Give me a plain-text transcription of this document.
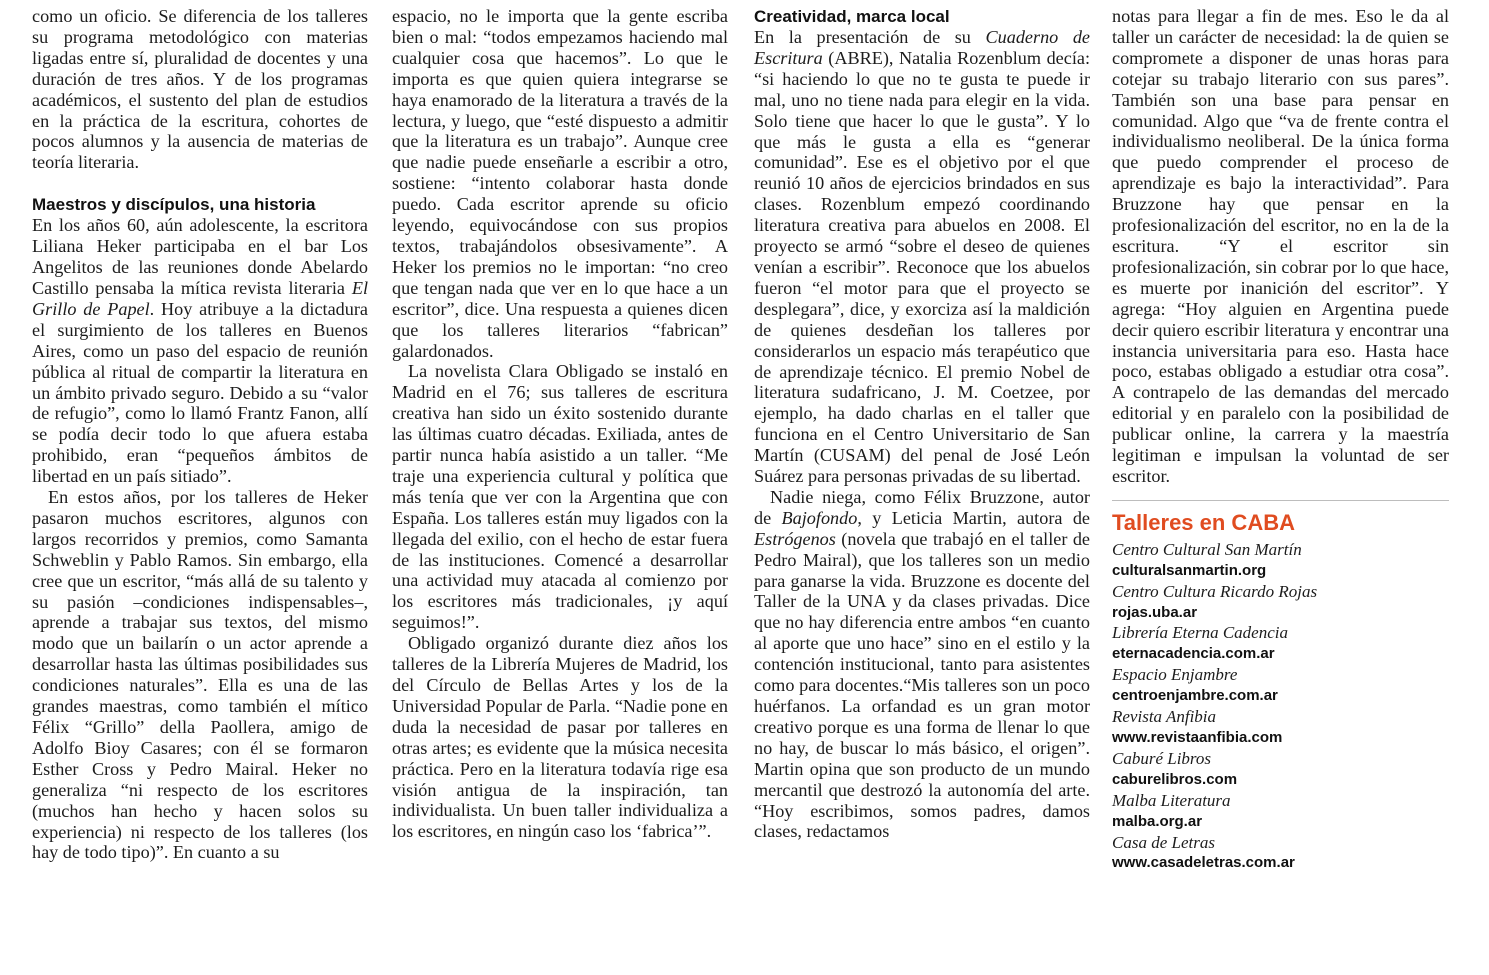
como un oficio. Se diferencia de los talleres su programa metodológico con materias ligadas entre sí, pluralidad de docentes y una duración de tres años. Y de los programas académicos, el sustento del plan de estudios en la práctica de la escritura, cohortes de pocos alumnos y la ausencia de materias de teoría literaria.

Maestros y discípulos, una historia

En los años 60, aún adolescente, la escritora Liliana Heker participaba en el bar Los Angelitos de las reuniones donde Abelardo Castillo pensaba la mítica revista literaria El Grillo de Papel. Hoy atribuye a la dictadura el surgimiento de los talleres en Buenos Aires, como un paso del espacio de reunión pública al ritual de compartir la literatura en un ámbito privado seguro. Debido a su “valor de refugio”, como lo llamó Frantz Fanon, allí se podía decir todo lo que afuera estaba prohibido, eran “pequeños ámbitos de libertad en un país sitiado”.

En estos años, por los talleres de Heker pasaron muchos escritores, algunos con largos recorridos y premios, como Samanta Schweblin y Pablo Ramos. Sin embargo, ella cree que un escritor, “más allá de su talento y su pasión –condiciones indispensables–, aprende a trabajar sus textos, del mismo modo que un bailarín o un actor aprende a desarrollar hasta las últimas posibilidades sus condiciones naturales”. Ella es una de las grandes maestras, como también el mítico Félix “Grillo” della Paollera, amigo de Adolfo Bioy Casares; con él se formaron Esther Cross y Pedro Mairal. Heker no generaliza “ni respecto de los escritores (muchos han hecho y hacen solos su experiencia) ni respecto de los talleres (los hay de todo tipo)”. En cuanto a su

espacio, no le importa que la gente escriba bien o mal: “todos empezamos haciendo mal cualquier cosa que hacemos”. Lo que le importa es que quien quiera integrarse se haya enamorado de la literatura a través de la lectura, y luego, que “esté dispuesto a admitir que la literatura es un trabajo”. Aunque cree que nadie puede enseñarle a escribir a otro, sostiene: “intento colaborar hasta donde puedo. Cada escritor aprende su oficio leyendo, equivocándose con sus propios textos, trabajándolos obsesivamente”. A Heker los premios no le importan: “no creo que tengan nada que ver en lo que hace a un escritor”, dice. Una respuesta a quienes dicen que los talleres literarios “fabrican” galardonados.

La novelista Clara Obligado se instaló en Madrid en el 76; sus talleres de escritura creativa han sido un éxito sostenido durante las últimas cuatro décadas. Exiliada, antes de partir nunca había asistido a un taller. “Me traje una experiencia cultural y política que más tenía que ver con la Argentina que con España. Los talleres están muy ligados con la llegada del exilio, con el hecho de estar fuera de las instituciones. Comencé a desarrollar una actividad muy atacada al comienzo por los escritores más tradicionales, ¡y aquí seguimos!”.

Obligado organizó durante diez años los talleres de la Librería Mujeres de Madrid, los del Círculo de Bellas Artes y los de la Universidad Popular de Parla. “Nadie pone en duda la necesidad de pasar por talleres en otras artes; es evidente que la música necesita práctica. Pero en la literatura todavía rige esa visión antigua de la inspiración, tan individualista. Un buen taller individualiza a los escritores, en ningún caso los ‘fabrica’”.

Creatividad, marca local

En la presentación de su Cuaderno de Escritura (ABRE), Natalia Rozenblum decía: “si haciendo lo que no te gusta te puede ir mal, uno no tiene nada para elegir en la vida. Solo tiene que hacer lo que le gusta”. Y lo que más le gusta a ella es “generar comunidad”. Ese es el objetivo por el que reunió 10 años de ejercicios brindados en sus clases. Rozenblum empezó coordinando literatura creativa para abuelos en 2008. El proyecto se armó “sobre el deseo de quienes venían a escribir”. Reconoce que los abuelos fueron “el motor para que el proyecto se desplegara”, dice, y exorciza así la maldición de quienes desdeñan los talleres por considerarlos un espacio más terapéutico que de aprendizaje técnico. El premio Nobel de literatura sudafricano, J. M. Coetzee, por ejemplo, ha dado charlas en el taller que funciona en el Centro Universitario de San Martín (CUSAM) del penal de José León Suárez para personas privadas de su libertad.

Nadie niega, como Félix Bruzzone, autor de Bajofondo, y Leticia Martin, autora de Estrógenos (novela que trabajó en el taller de Pedro Mairal), que los talleres son un medio para ganarse la vida. Bruzzone es docente del Taller de la UNA y da clases privadas. Dice que no hay diferencia entre ambos “en cuanto al aporte que uno hace” sino en el estilo y la contención institucional, tanto para asistentes como para docentes.“Mis talleres son un poco huérfanos. La orfandad es un gran motor creativo porque es una forma de llenar lo que no hay, de buscar lo más básico, el origen”. Martin opina que son producto de un mundo mercantil que destrozó la autonomía del arte. “Hoy escribimos, somos padres, damos clases, redactamos

notas para llegar a fin de mes. Eso le da al taller un carácter de necesidad: la de quien se compromete a disponer de unas horas para cotejar su trabajo literario con sus pares”. También son una base para pensar en comunidad. Algo que “va de frente contra el individualismo neoliberal. De la única forma que puedo comprender el proceso de aprendizaje es bajo la interactividad”. Para Bruzzone hay que pensar en la profesionalización del escritor, no en la de la escritura. “Y el escritor sin profesionalización, sin cobrar por lo que hace, es muerte por inanición del escritor”. Y agrega: “Hoy alguien en Argentina puede decir quiero escribir literatura y encontrar una instancia universitaria para eso. Hasta hace poco, estabas obligado a estudiar otra cosa”. A contrapelo de las demandas del mercado editorial y en paralelo con la posibilidad de publicar online, la carrera y la maestría legitiman e impulsan la voluntad de ser escritor.

Talleres en CABA
Centro Cultural San Martín
culturalsanmartin.org
Centro Cultura Ricardo Rojas
rojas.uba.ar
Librería Eterna Cadencia
eternacadencia.com.ar
Espacio Enjambre
centroenjambre.com.ar
Revista Anfibia
www.revistaanfibia.com
Caburé Libros
caburelibros.com
Malba Literatura
malba.org.ar
Casa de Letras
www.casadeletras.com.ar
